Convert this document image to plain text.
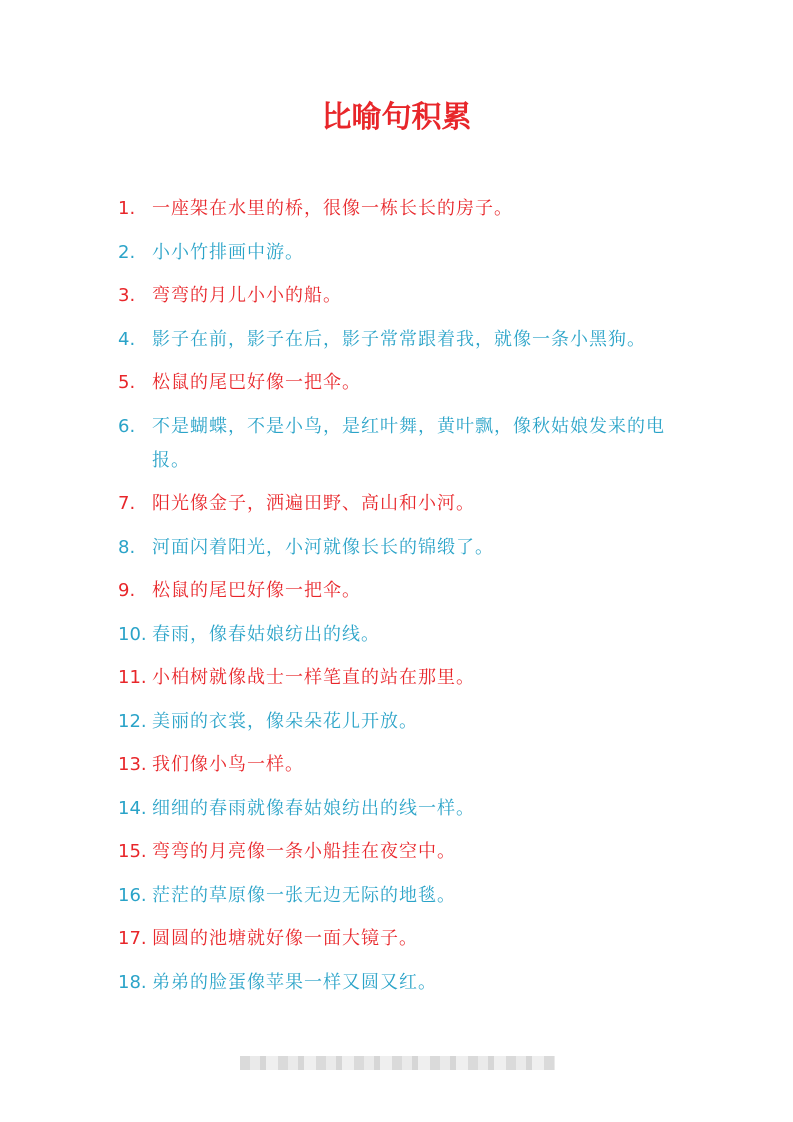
比喻句积累
1. 一座架在水里的桥，很像一栋长长的房子。
2. 小小竹排画中游。
3. 弯弯的月儿小小的船。
4. 影子在前，影子在后，影子常常跟着我，就像一条小黑狗。
5. 松鼠的尾巴好像一把伞。
6. 不是蝴蝶，不是小鸟，是红叶舞，黄叶飘，像秋姑娘发来的电报。
7. 阳光像金子，洒遍田野、高山和小河。
8. 河面闪着阳光，小河就像长长的锦缎了。
9. 松鼠的尾巴好像一把伞。
10. 春雨，像春姑娘纺出的线。
11. 小柏树就像战士一样笔直的站在那里。
12. 美丽的衣裳，像朵朵花儿开放。
13. 我们像小鸟一样。
14. 细细的春雨就像春姑娘纺出的线一样。
15. 弯弯的月亮像一条小船挂在夜空中。
16. 茫茫的草原像一张无边无际的地毯。
17. 圆圆的池塘就好像一面大镜子。
18. 弟弟的脸蛋像苹果一样又圆又红。
